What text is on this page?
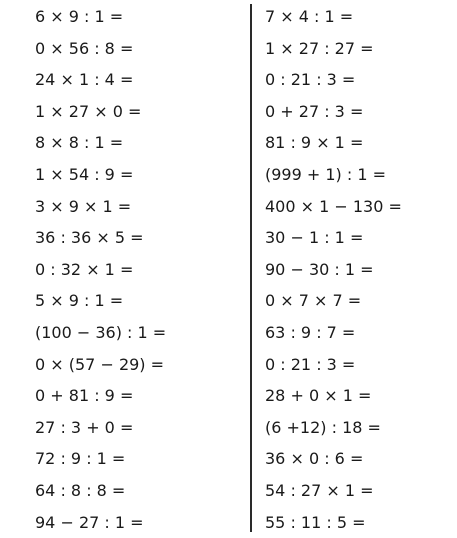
6 × 9 : 1 =
0 × 56 : 8 =
24 × 1 : 4 =
1 × 27 × 0 =
8 × 8 : 1 =
1 × 54 : 9 =
3 × 9 × 1 =
36 : 36 × 5 =
0 : 32 × 1 =
5 × 9 : 1 =
(100 − 36) : 1 =
0 × (57 − 29) =
0 + 81 : 9 =
27 : 3 + 0 =
72 : 9 : 1 =
64 : 8 : 8 =
94 − 27 : 1 =
7 × 4 : 1 =
1 × 27 : 27 =
0 : 21 : 3 =
0 + 27 : 3 =
81 : 9 × 1 =
(999 + 1) : 1 =
400 × 1 − 130 =
30 − 1 : 1 =
90 − 30 : 1 =
0 × 7 × 7 =
63 : 9 : 7 =
0 : 21 : 3 =
28 + 0 × 1 =
(6 +12) : 18 =
36 × 0 : 6 =
54 : 27 × 1 =
55 : 11 : 5 =
